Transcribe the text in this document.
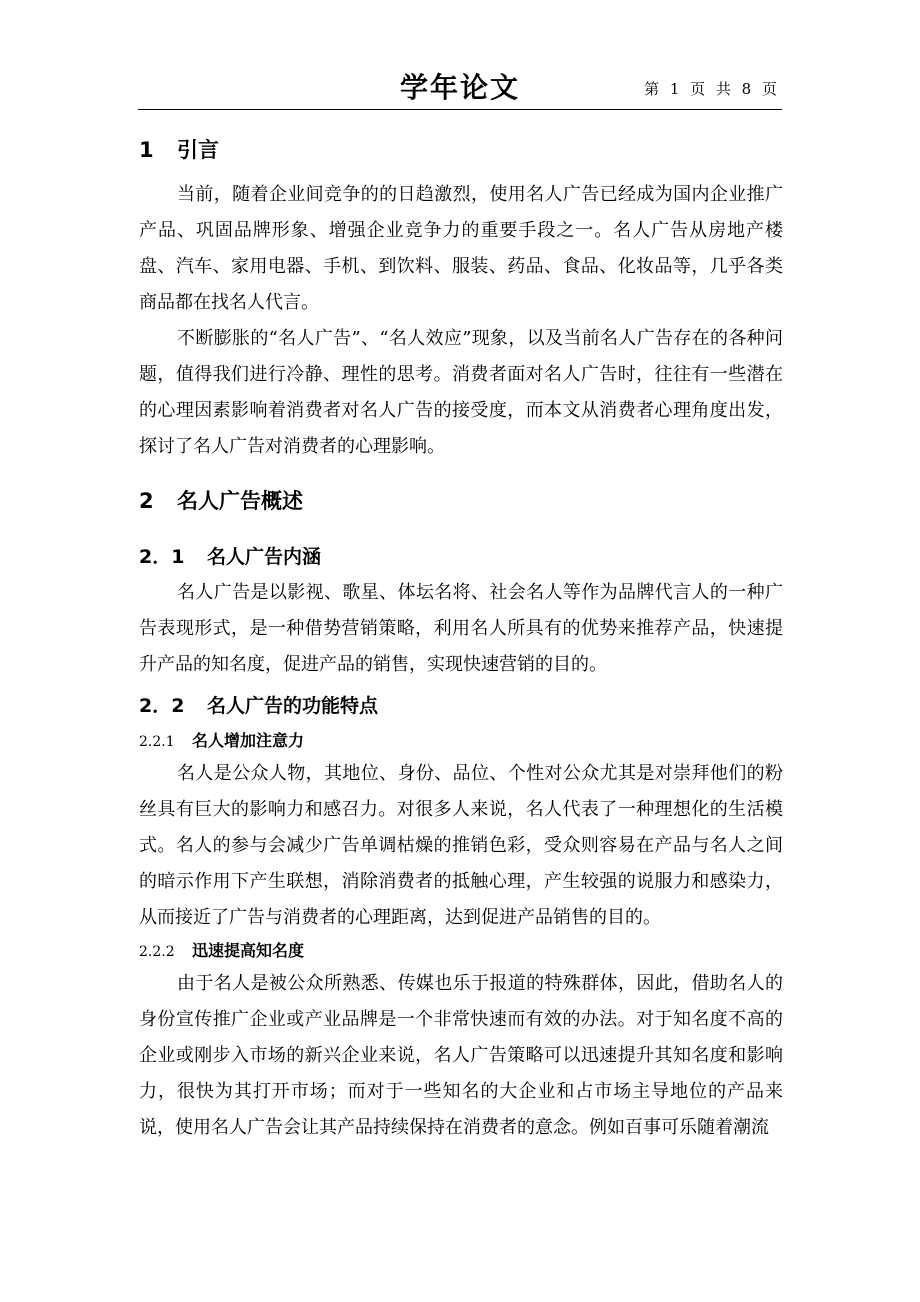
学年论文	第 1 页 共 8 页
1 引言

当前，随着企业间竞争的的日趋激烈，使用名人广告已经成为国内企业推广产品、巩固品牌形象、增强企业竞争力的重要手段之一。名人广告从房地产楼盘、汽车、家用电器、手机、到饮料、服装、药品、食品、化妆品等，几乎各类商品都在找名人代言。

不断膨胀的“名人广告”、“名人效应”现象，以及当前名人广告存在的各种问题，值得我们进行冷静、理性的思考。消费者面对名人广告时，往往有一些潜在的心理因素影响着消费者对名人广告的接受度，而本文从消费者心理角度出发，探讨了名人广告对消费者的心理影响。

2 名人广告概述
2．1 名人广告内涵

名人广告是以影视、歌星、体坛名将、社会名人等作为品牌代言人的一种广告表现形式，是一种借势营销策略，利用名人所具有的优势来推荐产品，快速提升产品的知名度，促进产品的销售，实现快速营销的目的。

2．2 名人广告的功能特点
2.2.1 名人增加注意力

名人是公众人物，其地位、身份、品位、个性对公众尤其是对崇拜他们的粉丝具有巨大的影响力和感召力。对很多人来说，名人代表了一种理想化的生活模式。名人的参与会减少广告单调枯燥的推销色彩，受众则容易在产品与名人之间的暗示作用下产生联想，消除消费者的抵触心理，产生较强的说服力和感染力，从而接近了广告与消费者的心理距离，达到促进产品销售的目的。

2.2.2 迅速提高知名度

由于名人是被公众所熟悉、传媒也乐于报道的特殊群体，因此，借助名人的身份宣传推广企业或产业品牌是一个非常快速而有效的办法。对于知名度不高的企业或刚步入市场的新兴企业来说，名人广告策略可以迅速提升其知名度和影响力，很快为其打开市场；而对于一些知名的大企业和占市场主导地位的产品来说，使用名人广告会让其产品持续保持在消费者的意念。例如百事可乐随着潮流
